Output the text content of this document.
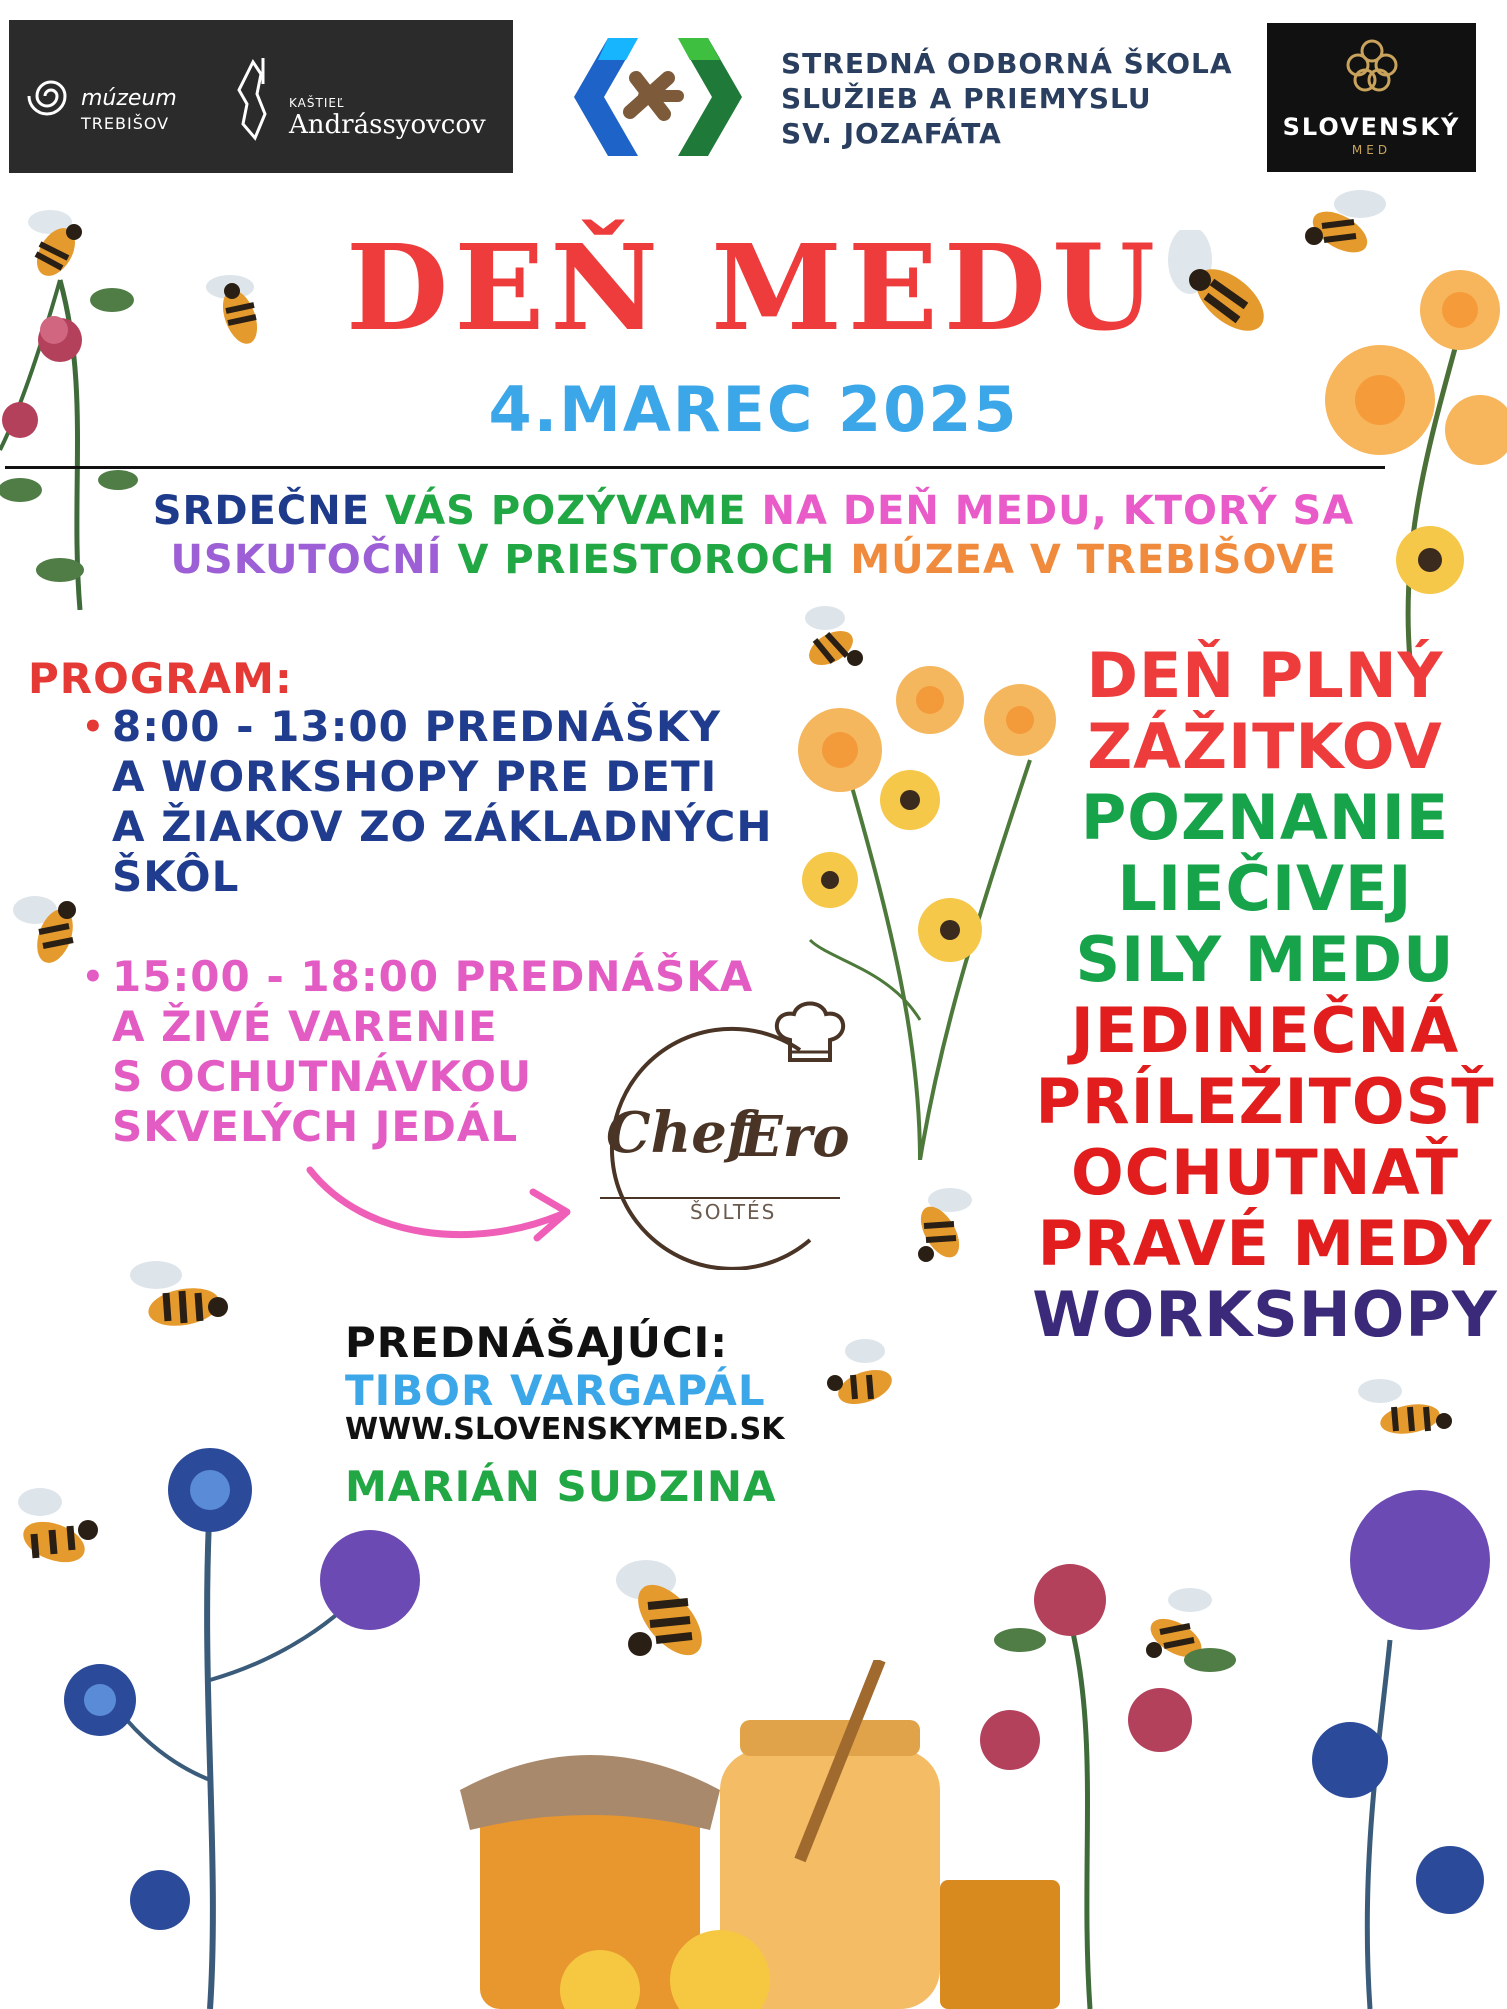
múzeum
TREBIŠOV
KAŠTIEĽ
Andrássyovcov
STREDNÁ ODBORNÁ ŠKOLA
SLUŽIEB A PRIEMYSLU
SV. JOZAFÁTA	SLOVENSKÝ
MED
DEŇ MEDU
4.MAREC 2025
SRDEČNE VÁS POZÝVAME NA DEŇ MEDU, KTORÝ SA
USKUTOČNÍ V PRIESTOROCH MÚZEA V TREBIŠOVE
PROGRAM:
• 8:00 - 13:00 PREDNÁŠKY
A WORKSHOPY PRE DETI
A ŽIAKOV ZO ZÁKLADNÝCH
ŠKÔL
• 15:00 - 18:00 PREDNÁŠKA
A ŽIVÉ VARENIE
S OCHUTNÁVKOU
SKVELÝCH JEDÁL	Chef
Ero
ŠOLTÉS
DEŇ PLNÝ
ZÁŽITKOV
POZNANIE
LIEČIVEJ
SILY MEDU
JEDINEČNÁ
PRÍLEŽITOSŤ
OCHUTNAŤ
PRAVÉ MEDY
WORKSHOPY
PREDNÁŠAJÚCI:
TIBOR VARGAPÁL
WWW.SLOVENSKYMED.SK
MARIÁN SUDZINA
